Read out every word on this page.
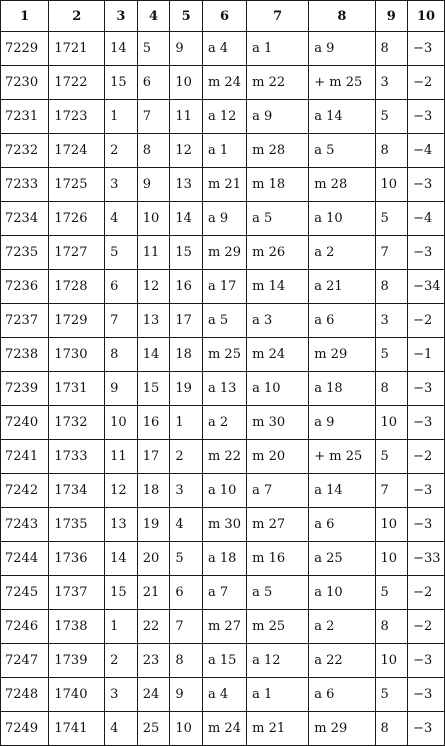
1	2	3	4	5	6	7	8	9	10
7229	1721	14	5	9	a 4	a 1	a 9	8	−3
7230	1722	15	6	10	m 24	m 22	+ m 25	3	−2
7231	1723	1	7	11	a 12	a 9	a 14	5	−3
7232	1724	2	8	12	a 1	m 28	a 5	8	−4
7233	1725	3	9	13	m 21	m 18	m 28	10	−3
7234	1726	4	10	14	a 9	a 5	a 10	5	−4
7235	1727	5	11	15	m 29	m 26	a 2	7	−3
7236	1728	6	12	16	a 17	m 14	a 21	8	−34
7237	1729	7	13	17	a 5	a 3	a 6	3	−2
7238	1730	8	14	18	m 25	m 24	m 29	5	−1
7239	1731	9	15	19	a 13	a 10	a 18	8	−3
7240	1732	10	16	1	a 2	m 30	a 9	10	−3
7241	1733	11	17	2	m 22	m 20	+ m 25	5	−2
7242	1734	12	18	3	a 10	a 7	a 14	7	−3
7243	1735	13	19	4	m 30	m 27	a 6	10	−3
7244	1736	14	20	5	a 18	m 16	a 25	10	−33
7245	1737	15	21	6	a 7	a 5	a 10	5	−2
7246	1738	1	22	7	m 27	m 25	a 2	8	−2
7247	1739	2	23	8	a 15	a 12	a 22	10	−3
7248	1740	3	24	9	a 4	a 1	a 6	5	−3
7249	1741	4	25	10	m 24	m 21	m 29	8	−3
